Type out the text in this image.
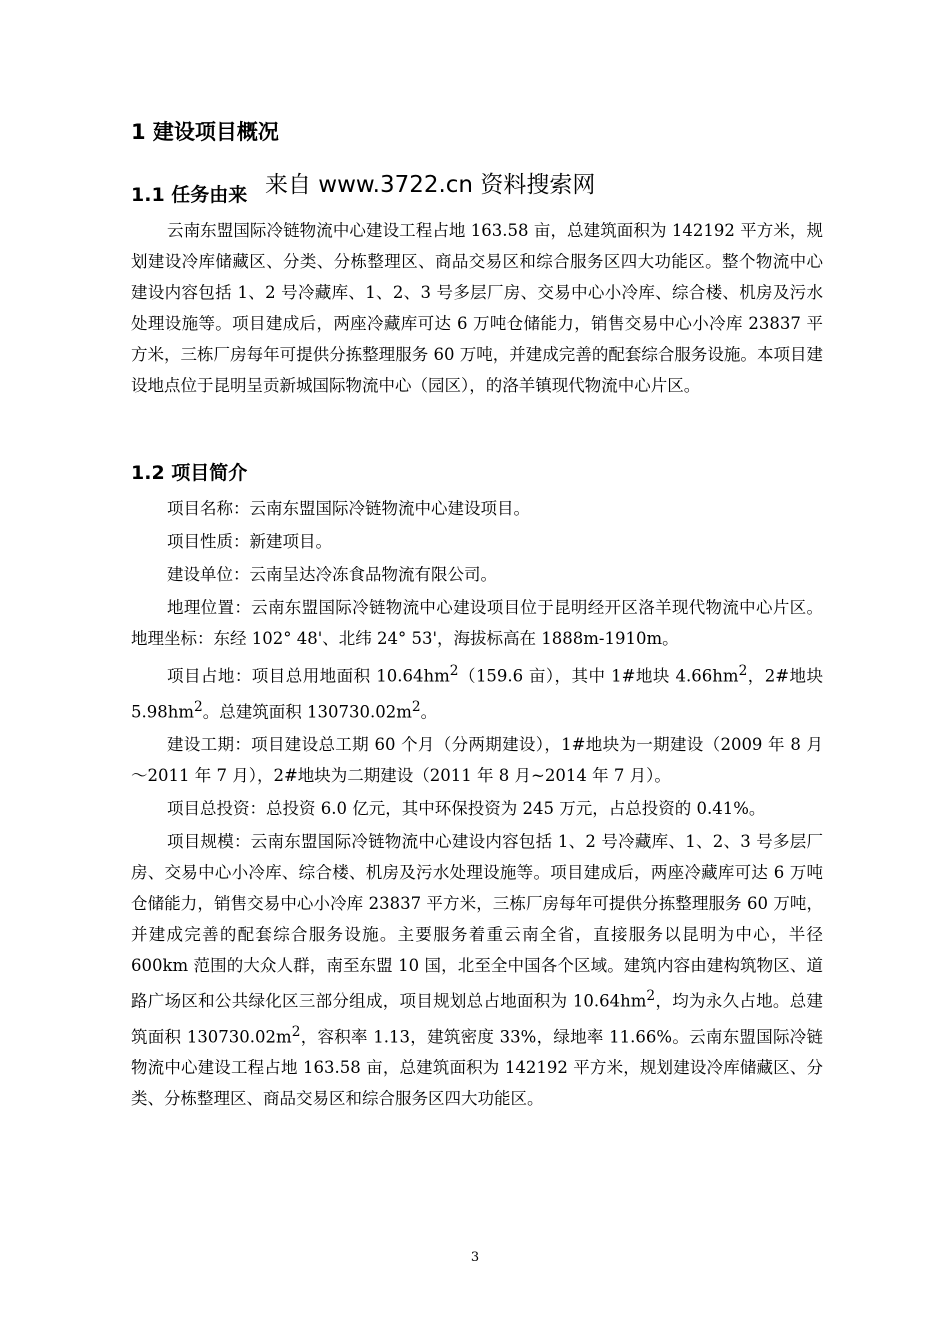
1 建设项目概况
1.1 任务由来 来自 www.3722.cn 资料搜索网

云南东盟国际冷链物流中心建设工程占地 163.58 亩，总建筑面积为 142192 平方米，规划建设冷库储藏区、分类、分栋整理区、商品交易区和综合服务区四大功能区。整个物流中心建设内容包括 1、2 号冷藏库、1、2、3 号多层厂房、交易中心小冷库、综合楼、机房及污水处理设施等。项目建成后，两座冷藏库可达 6 万吨仓储能力，销售交易中心小冷库 23837 平方米，三栋厂房每年可提供分拣整理服务 60 万吨，并建成完善的配套综合服务设施。本项目建设地点位于昆明呈贡新城国际物流中心（园区），的洛羊镇现代物流中心片区。

1.2 项目简介

项目名称：云南东盟国际冷链物流中心建设项目。

项目性质：新建项目。

建设单位：云南呈达冷冻食品物流有限公司。

地理位置：云南东盟国际冷链物流中心建设项目位于昆明经开区洛羊现代物流中心片区。地理坐标：东经 102° 48'、北纬 24° 53'，海拔标高在 1888m-1910m。

项目占地：项目总用地面积 $10.64hm^2(159.6$ 亩），其中 1#地块 $4.66hm^2$，2#地块 $5.98hm^2$。总建筑面积 $130730.02m^2$。

建设工期：项目建设总工期 60 个月（分两期建设），1#地块为一期建设（2009 年 8 月～2011 年 7 月），2#地块为二期建设（2011 年 8 月~2014 年 7 月）。

项目总投资：总投资 6.0 亿元，其中环保投资为 245 万元，占总投资的 0.41%。

项目规模：云南东盟国际冷链物流中心建设内容包括 1、2 号冷藏库、1、2、3 号多层厂房、交易中心小冷库、综合楼、机房及污水处理设施等。项目建成后，两座冷藏库可达 6 万吨仓储能力，销售交易中心小冷库 23837 平方米，三栋厂房每年可提供分拣整理服务 60 万吨，并建成完善的配套综合服务设施。主要服务着重云南全省，直接服务以昆明为中心，半径 600km 范围的大众人群，南至东盟 10 国，北至全中国各个区域。建筑内容由建构筑物区、道路广场区和公共绿化区三部分组成，项目规划总占地面积为 $10.64hm^2$，均为永久占地。总建筑面积 $130730.02m^2$，容积率 1.13，建筑密度 33%，绿地率 11.66%。云南东盟国际冷链物流中心建设工程占地 163.58 亩，总建筑面积为 142192 平方米，规划建设冷库储藏区、分类、分栋整理区、商品交易区和综合服务区四大功能区。

3
